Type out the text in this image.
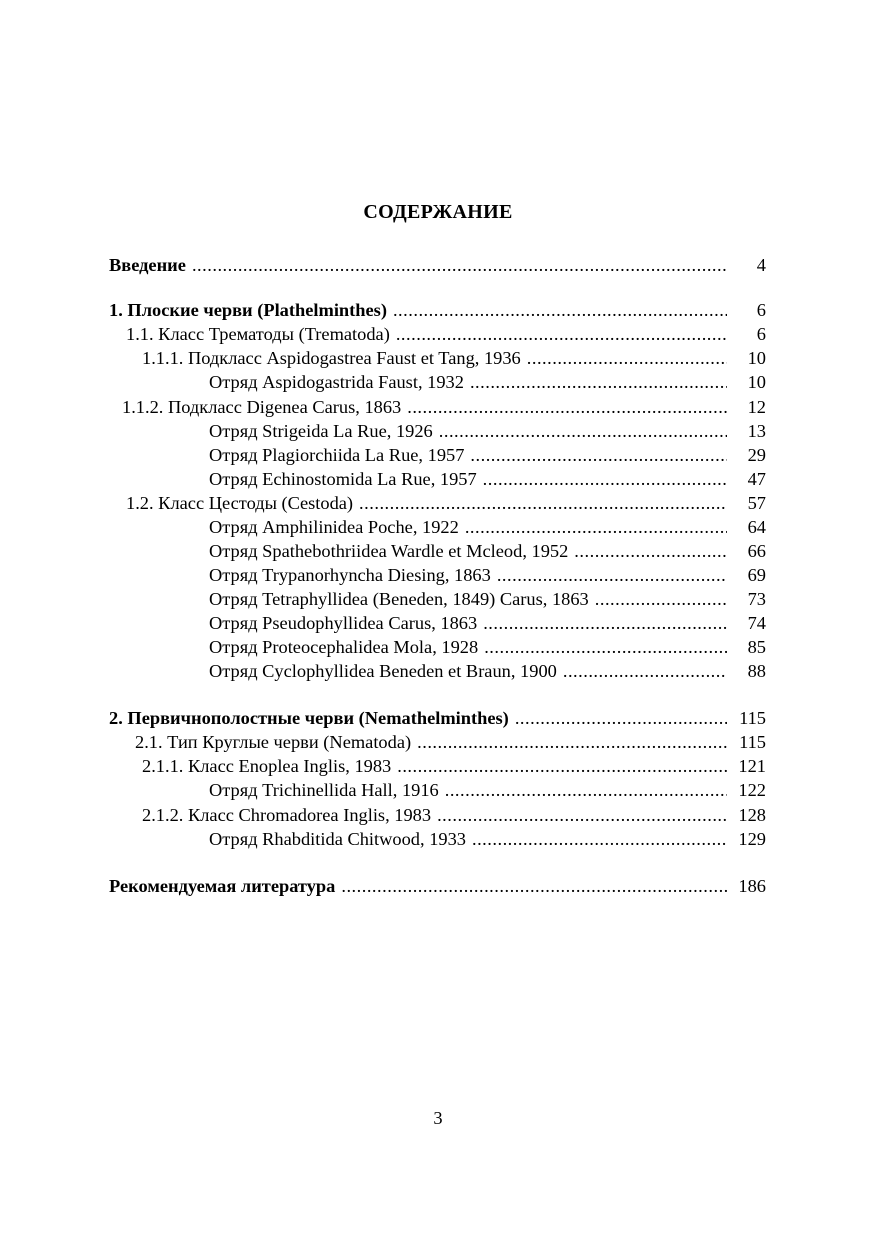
СОДЕРЖАНИЕ
Введение .....	4
1. Плоские черви (Plathelminthes) .....	6
1.1. Класс Трематоды (Trematoda) .....	6
1.1.1. Подкласс Aspidogastrea Faust et Tang, 1936 .....	10
Отряд Aspidogastrida Faust, 1932 .....	10
1.1.2. Подкласс Digenea Carus, 1863 .....	12
Отряд Strigeida La Rue, 1926 .....	13
Отряд Plagiorchiida La Rue, 1957 .....	29
Отряд Echinostomida La Rue, 1957 .....	47
1.2. Класс Цестоды (Cestoda) .....	57
Отряд Amphilinidea Poche, 1922 .....	64
Отряд Spathebothriidea Wardle et Mcleod, 1952 .....	66
Отряд Trypanorhyncha Diesing, 1863 .....	69
Отряд Tetraphyllidea (Beneden, 1849) Carus, 1863 .....	73
Отряд Pseudophyllidea Carus, 1863 .....	74
Отряд Proteocephalidea Mola, 1928 .....	85
Отряд Cyclophyllidea Beneden et Braun, 1900 .....	88
2. Первичнополостные черви (Nemathelminthes) .....	115
2.1. Тип Круглые черви (Nematoda) .....	115
2.1.1. Класс Enoplea Inglis, 1983 .....	121
Отряд Trichinellida Hall, 1916 .....	122
2.1.2. Класс Chromadorea Inglis, 1983 .....	128
Отряд Rhabditida Chitwood, 1933 .....	129
Рекомендуемая литература .....	186
3
